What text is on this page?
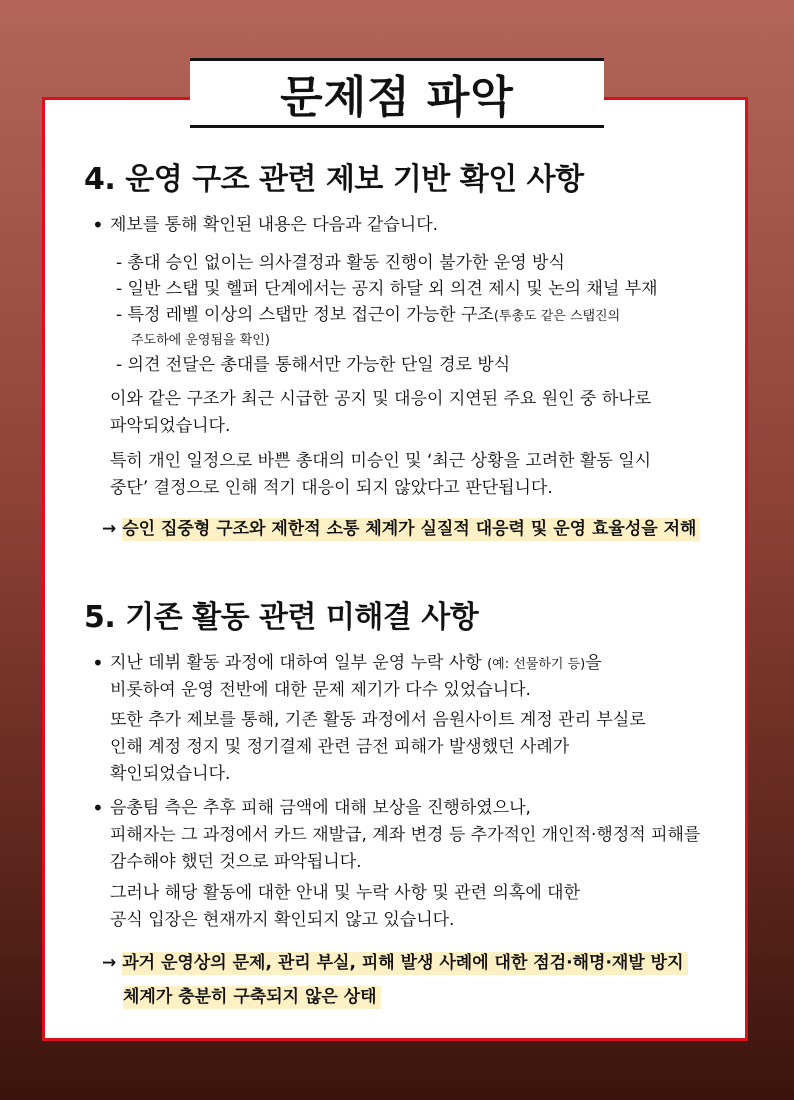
문제점 파악
4. 운영 구조 관련 제보 기반 확인 사항
• 제보를 통해 확인된 내용은 다음과 같습니다.
- 총대 승인 없이는 의사결정과 활동 진행이 불가한 운영 방식
- 일반 스탭 및 헬퍼 단계에서는 공지 하달 외 의견 제시 및 논의 채널 부재
- 특정 레벨 이상의 스탭만 정보 접근이 가능한 구조(투총도 같은 스탭진의
주도하에 운영됨을 확인)
- 의견 전달은 총대를 통해서만 가능한 단일 경로 방식
이와 같은 구조가 최근 시급한 공지 및 대응이 지연된 주요 원인 중 하나로
파악되었습니다.
특히 개인 일정으로 바쁜 총대의 미승인 및 ‘최근 상황을 고려한 활동 일시
중단’ 결정으로 인해 적기 대응이 되지 않았다고 판단됩니다.
→ 승인 집중형 구조와 제한적 소통 체계가 실질적 대응력 및 운영 효율성을 저해
5. 기존 활동 관련 미해결 사항
• 지난 데뷔 활동 과정에 대하여 일부 운영 누락 사항 (예: 선물하기 등)을
비롯하여 운영 전반에 대한 문제 제기가 다수 있었습니다.
또한 추가 제보를 통해, 기존 활동 과정에서 음원사이트 계정 관리 부실로
인해 계정 정지 및 정기결제 관련 금전 피해가 발생했던 사례가
확인되었습니다.
• 음총팀 측은 추후 피해 금액에 대해 보상을 진행하였으나,
피해자는 그 과정에서 카드 재발급, 계좌 변경 등 추가적인 개인적·행정적 피해를
감수해야 했던 것으로 파악됩니다.
그러나 해당 활동에 대한 안내 및 누락 사항 및 관련 의혹에 대한
공식 입장은 현재까지 확인되지 않고 있습니다.
→ 과거 운영상의 문제, 관리 부실, 피해 발생 사례에 대한 점검·해명·재발 방지
체계가 충분히 구축되지 않은 상태
